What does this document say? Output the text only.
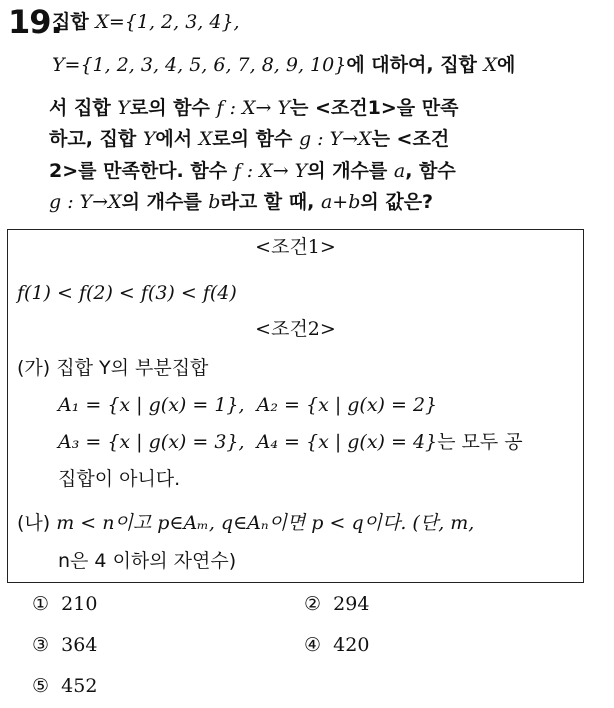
19.
집합 X={1, 2, 3, 4},
Y={1, 2, 3, 4, 5, 6, 7, 8, 9, 10}에 대하여, 집합 X에
서 집합 Y로의 함수 f : X→ Y는 <조건1>을 만족
하고, 집합 Y에서 X로의 함수 g : Y→X는 <조건
2>를 만족한다. 함수 f : X→ Y의 개수를 a, 함수
g : Y→X의 개수를 b라고 할 때, a+b의 값은?
<조건1>
f(1) < f(2) < f(3) < f(4)
<조건2>
(가) 집합 Y의 부분집합
A₁ = {x | g(x) = 1}, A₂ = {x | g(x) = 2}
A₃ = {x | g(x) = 3}, A₄ = {x | g(x) = 4}는 모두 공
집합이 아니다.
(나) m < n이고 p∈Aₘ, q∈Aₙ이면 p < q이다. (단, m,
n은 4 이하의 자연수)
① 210	② 294
③ 364	④ 420
⑤ 452
